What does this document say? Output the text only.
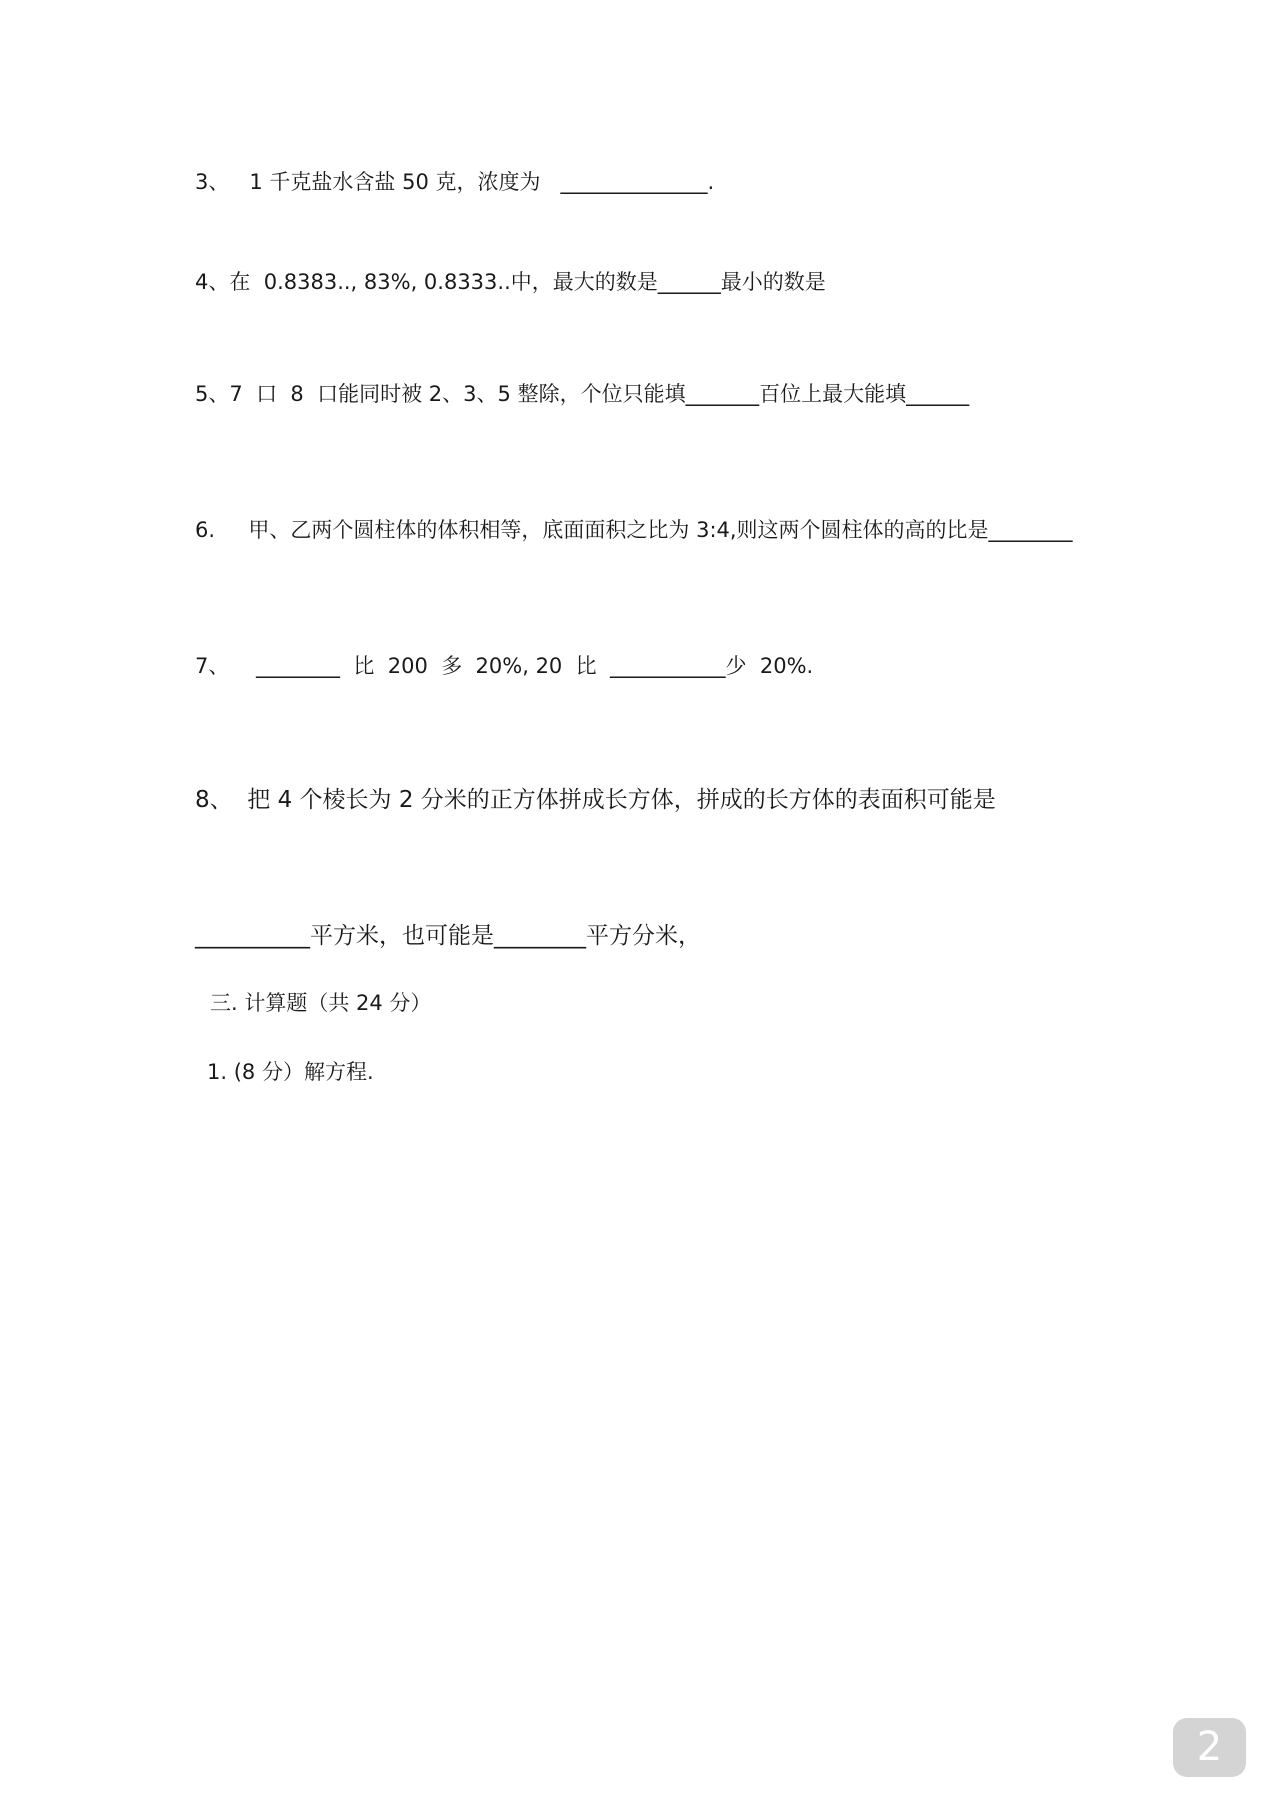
3、   1 千克盐水含盐 50 克，浓度为   ______________.
4、在  0.8383.., 83%, 0.8333..中，最大的数是______最小的数是
5、7  口  8  口能同时被 2、3、5 整除，个位只能填_______百位上最大能填______
6.     甲、乙两个圆柱体的体积相等，底面面积之比为 3:4,则这两个圆柱体的高的比是________
7、    ________  比  200  多  20%, 20  比  ___________少  20%.
8、  把 4 个棱长为 2 分米的正方体拼成长方体，拼成的长方体的表面积可能是
__________平方米，也可能是________平方分米，
三. 计算题（共 24 分）
1. (8 分）解方程.
2
